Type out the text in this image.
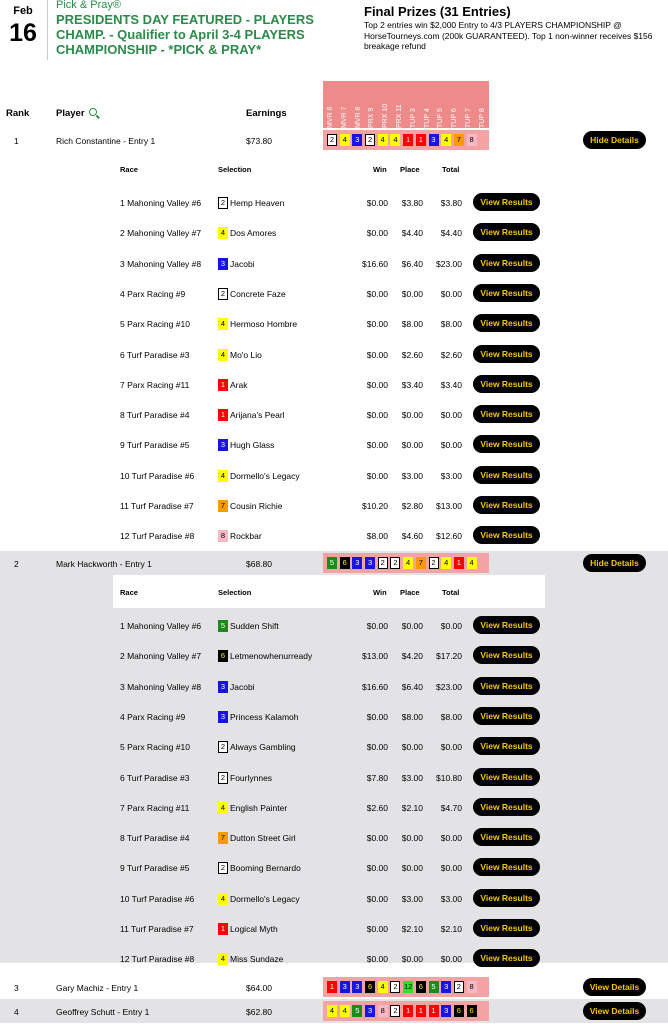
Feb
16
Pick & Pray®
PRESIDENTS DAY FEATURED - PLAYERS CHAMP. - Qualifier to April 3-4 PLAYERS CHAMPIONSHIP - *PICK & PRAY*
Final Prizes (31 Entries)
Top 2 entries win $2,000 Entry to 4/3 PLAYERS CHAMPIONSHIP @ HorseTourneys.com (200k GUARANTEED). Top 1 non-winner receives $156 breakage refund
Rank	Player	Earnings	MVR 6 MVR 7 MVR 8 PRX 9 PRX 10 PRX 11 TUP 3 TUP 4 TUP 5 TUP 6 TUP 7 TUP 8
1	Rich Constantine - Entry 1	$73.80	2	4	3	2	4	4	1	1	3	4	7	8	Hide Details
Race	Selection	Win Place	Total
1 Mahoning Valley #6	2 Hemp Heaven	$0.00 $3.80 $3.80	View Results
2 Mahoning Valley #7	4 Dos Amores	$0.00 $4.40 $4.40	View Results
3 Mahoning Valley #8	3 Jacobi	$16.60 $6.40 $23.00	View Results
4 Parx Racing #9	2 Concrete Faze	$0.00 $0.00 $0.00	View Results
5 Parx Racing #10	4 Hermoso Hombre	$0.00 $8.00 $8.00	View Results
6 Turf Paradise #3	4 Mo'o Lio	$0.00 $2.60 $2.60	View Results
7 Parx Racing #11	1 Arak	$0.00 $3.40 $3.40	View Results
8 Turf Paradise #4	1 Arijana's Pearl	$0.00 $0.00 $0.00	View Results
9 Turf Paradise #5	3 Hugh Glass	$0.00 $0.00 $0.00	View Results
10 Turf Paradise #6	4 Dormello's Legacy	$0.00 $3.00 $3.00	View Results
11 Turf Paradise #7	7 Cousin Richie	$10.20 $2.80 $13.00	View Results
12 Turf Paradise #8	8 Rockbar	$8.00 $4.60 $12.60	View Results
2	Mark Hackworth - Entry 1	$68.80	5	6	3	3	2	2	4	7	2	4	1	4	Hide Details
Race	Selection	Win Place	Total
1 Mahoning Valley #6	5 Sudden Shift	$0.00 $0.00 $0.00	View Results
2 Mahoning Valley #7	6 Letmenowhenurready	$13.00 $4.20 $17.20	View Results
3 Mahoning Valley #8	3 Jacobi	$16.60 $6.40 $23.00	View Results
4 Parx Racing #9	3 Princess Kalamoh	$0.00 $8.00 $8.00	View Results
5 Parx Racing #10	2 Always Gambling	$0.00 $0.00 $0.00	View Results
6 Turf Paradise #3	2 Fourlynnes	$7.80 $3.00 $10.80	View Results
7 Parx Racing #11	4 English Painter	$2.60 $2.10 $4.70	View Results
8 Turf Paradise #4	7 Dutton Street Girl	$0.00 $0.00 $0.00	View Results
9 Turf Paradise #5	2 Booming Bernardo	$0.00 $0.00 $0.00	View Results
10 Turf Paradise #6	4 Dormello's Legacy	$0.00 $3.00 $3.00	View Results
11 Turf Paradise #7	1 Logical Myth	$0.00 $2.10 $2.10	View Results
12 Turf Paradise #8	4 Miss Sundaze	$0.00 $0.00 $0.00	View Results
3	Gary Machiz - Entry 1	$64.00	1	3	3	6	4	2 12 6	5	3	2	8	View Details
4	Geoffrey Schutt - Entry 1	$62.80	4	4	5	3	8	2	1	1	1	3	6	6	View Details
